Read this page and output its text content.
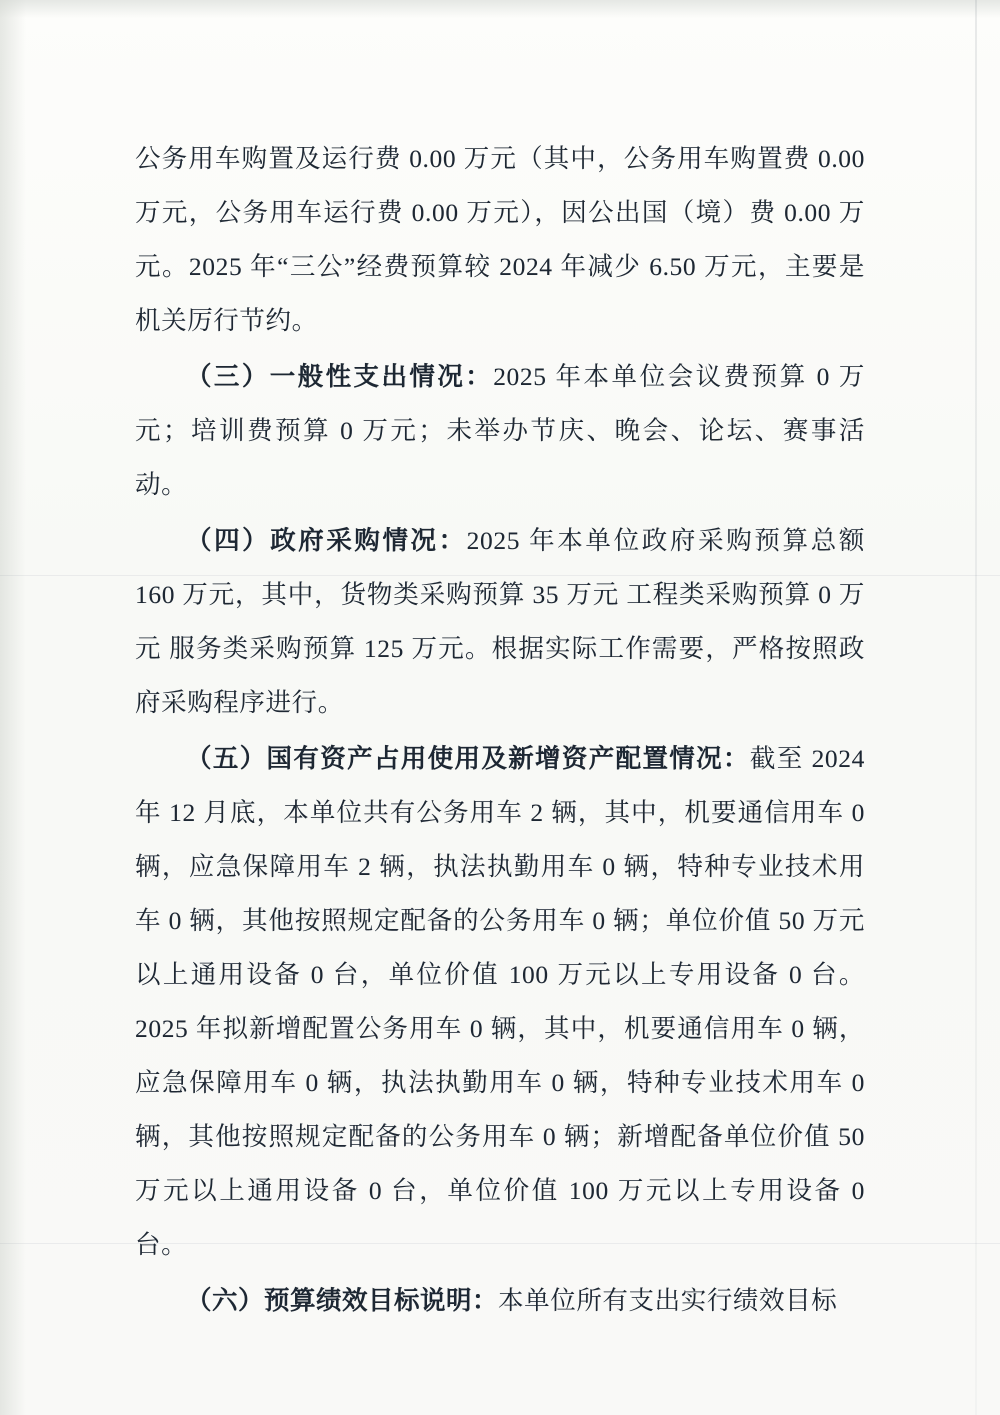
公务用车购置及运行费 0.00 万元（其中，公务用车购置费 0.00 万元，公务用车运行费 0.00 万元），因公出国（境）费 0.00 万元。2025 年“三公”经费预算较 2024 年减少 6.50 万元，主要是机关厉行节约。

（三）一般性支出情况：2025 年本单位会议费预算 0 万元；培训费预算 0 万元；未举办节庆、晚会、论坛、赛事活动。

（四）政府采购情况：2025 年本单位政府采购预算总额 160 万元，其中，货物类采购预算 35 万元 工程类采购预算 0 万元 服务类采购预算 125 万元。根据实际工作需要，严格按照政府采购程序进行。

（五）国有资产占用使用及新增资产配置情况：截至 2024 年 12 月底，本单位共有公务用车 2 辆，其中，机要通信用车 0 辆，应急保障用车 2 辆，执法执勤用车 0 辆，特种专业技术用车 0 辆，其他按照规定配备的公务用车 0 辆；单位价值 50 万元以上通用设备 0 台，单位价值 100 万元以上专用设备 0 台。2025 年拟新增配置公务用车 0 辆，其中，机要通信用车 0 辆，应急保障用车 0 辆，执法执勤用车 0 辆，特种专业技术用车 0 辆，其他按照规定配备的公务用车 0 辆；新增配备单位价值 50 万元以上通用设备 0 台，单位价值 100 万元以上专用设备 0 台。

（六）预算绩效目标说明：本单位所有支出实行绩效目标
